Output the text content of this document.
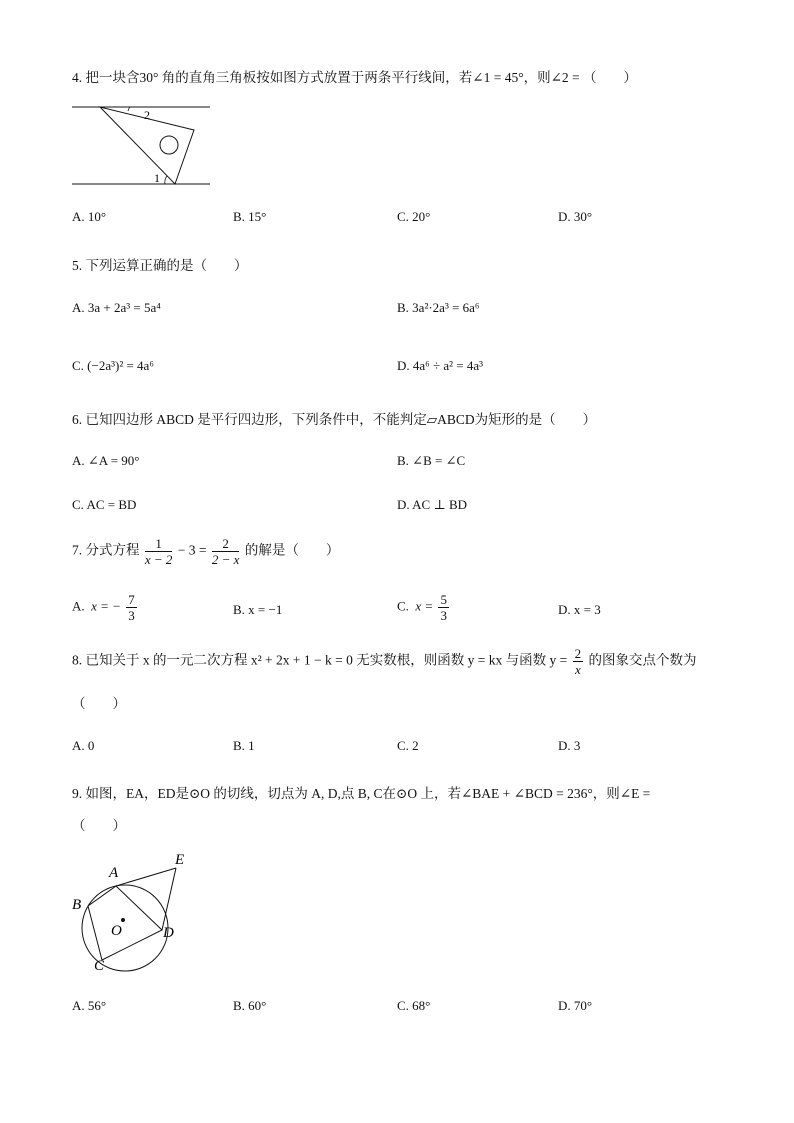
4. 把一块含30° 角的直角三角板按如图方式放置于两条平行线间，若∠1 = 45°，则∠2 = （　　）
1
2
A. 10°	B. 15°	C. 20°	D. 30°
5. 下列运算正确的是（　　）
A. 3a + 2a³ = 5a⁴	B. 3a²·2a³ = 6a⁶
C. (−2a³)² = 4a⁶	D. 4a⁶ ÷ a² = 4a³
6. 已知四边形 ABCD 是平行四边形，下列条件中，不能判定▱ABCD为矩形的是（　　）
A. ∠A = 90°	B. ∠B = ∠C
C. AC = BD	D. AC ⊥ BD
7. 分式方程 $\frac{1}{x - 2} - 3 = \frac{2}{2 - x}$ 的解是（　　）
A. x = − $\frac{7}{3}$	B. x = −1	C. $x = \frac{5}{3}$	D. x = 3
8. 已知关于 x 的一元二次方程 x² + 2x + 1 − k = 0 无实数根，则函数 y = kx 与函数 $y = \frac{2}{x}$ 的图象交点个数为
（　　）
A. 0	B. 1	C. 2	D. 3
9. 如图，EA，ED是⊙O 的切线，切点为 A, D,点 B, C在⊙O 上，若∠BAE + ∠BCD = 236°，则∠E =
（　　）
A
B
C
D
E
O
A. 56°	B. 60°	C. 68°	D. 70°
